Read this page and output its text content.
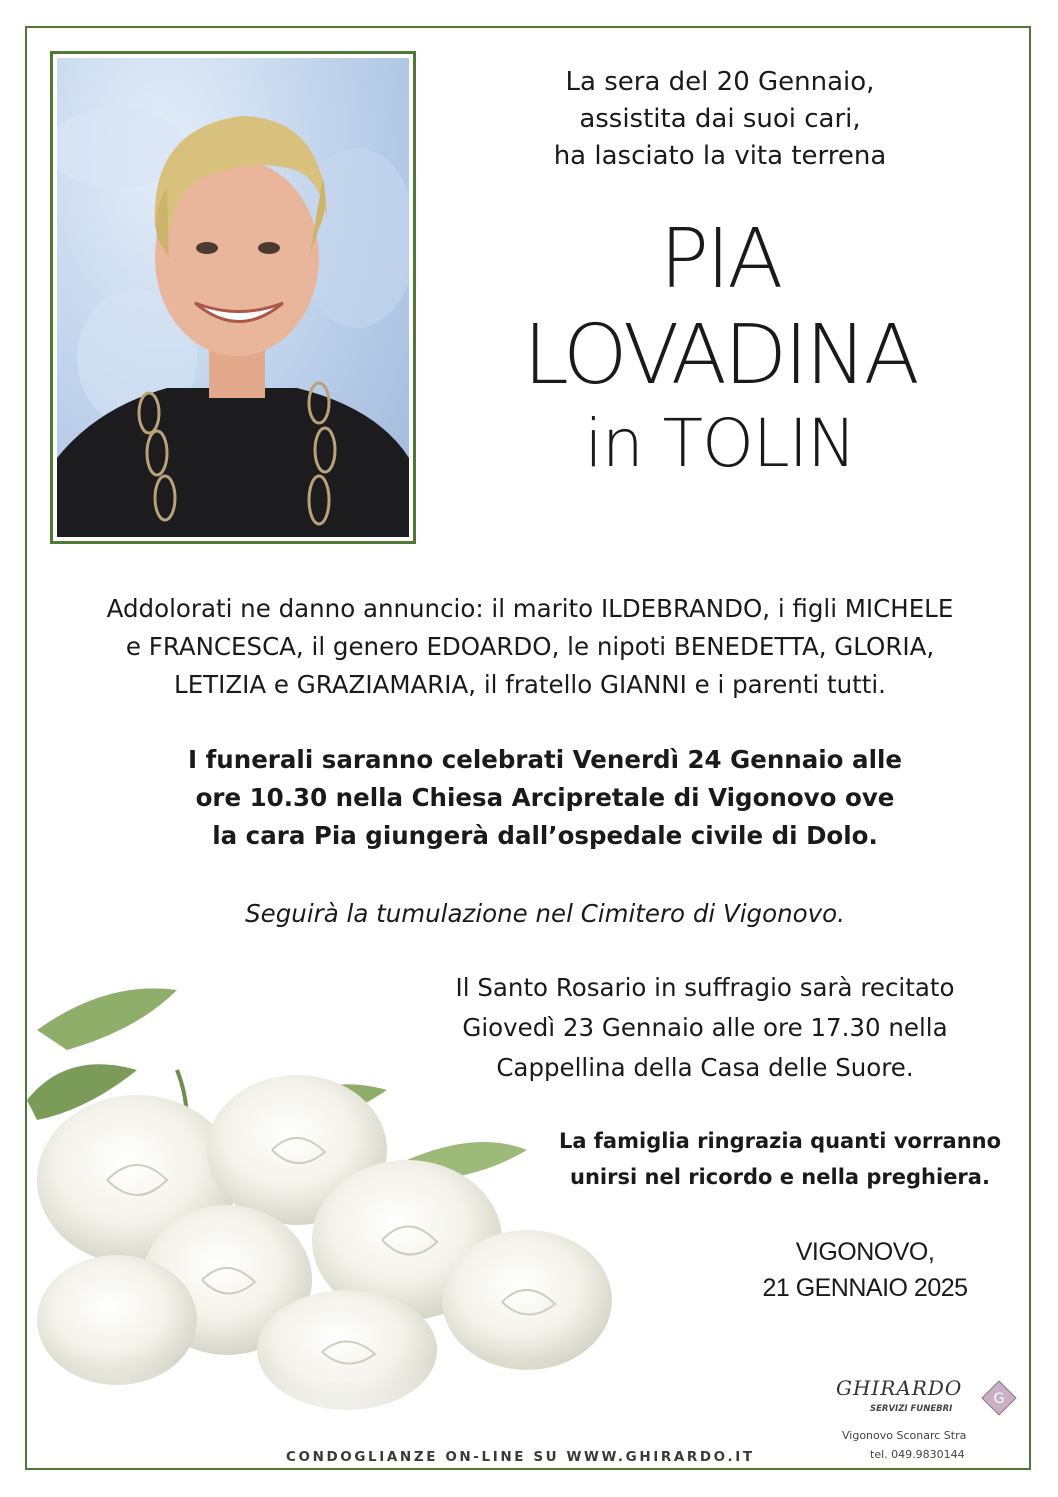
La sera del 20 Gennaio,
assistita dai suoi cari,
ha lasciato la vita terrena
PIA
LOVADINA
in TOLIN
Addolorati ne danno annuncio: il marito ILDEBRANDO, i figli MICHELE
e FRANCESCA, il genero EDOARDO, le nipoti BENEDETTA, GLORIA,
LETIZIA e GRAZIAMARIA, il fratello GIANNI e i parenti tutti.
I funerali saranno celebrati Venerdì 24 Gennaio alle
ore 10.30 nella Chiesa Arcipretale di Vigonovo ove
la cara Pia giungerà dall’ospedale civile di Dolo.
Seguirà la tumulazione nel Cimitero di Vigonovo.
Il Santo Rosario in suffragio sarà recitato
Giovedì 23 Gennaio alle ore 17.30 nella
Cappellina della Casa delle Suore.
La famiglia ringrazia quanti vorranno
unirsi nel ricordo e nella preghiera.
VIGONOVO,
21 GENNAIO 2025
CONDOGLIANZE ON-LINE SU WWW.GHIRARDO.IT
GHIRARDO
SERVIZI FUNEBRI
G
Vigonovo Sconarc Stra
tel. 049.9830144
